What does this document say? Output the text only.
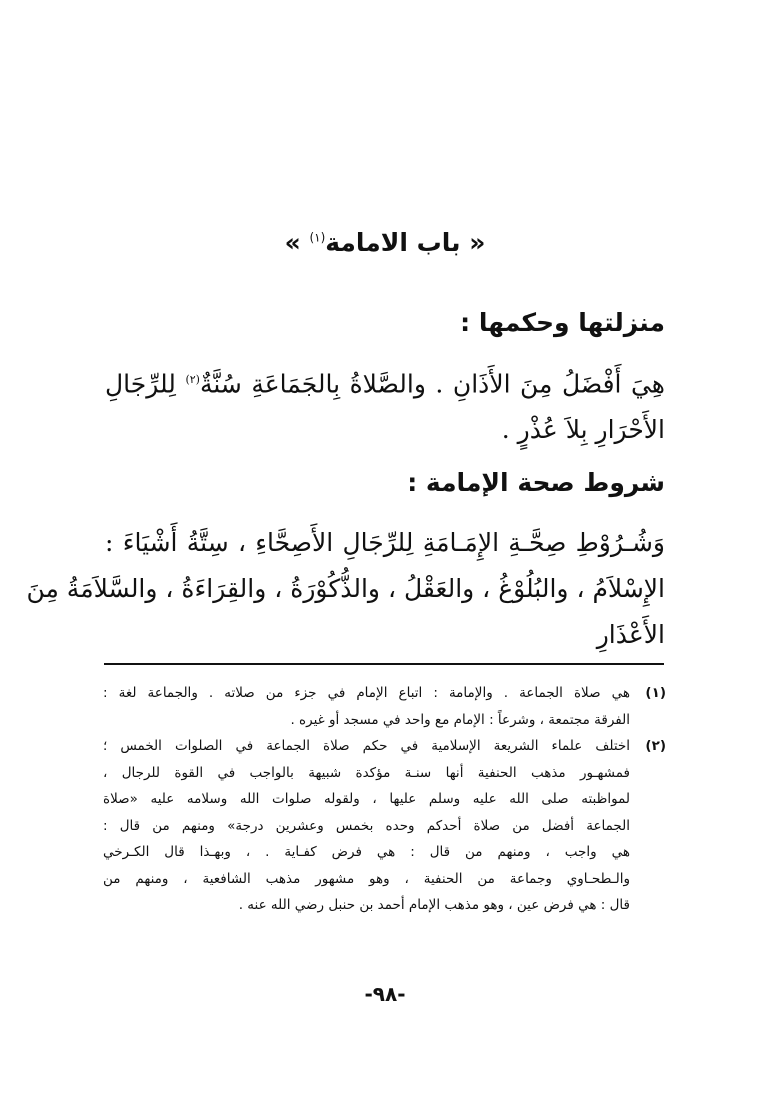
« باب الامامة$^{(١)}$ »
منزلتها وحكمها :
هِيَ أَفْضَلُ مِنَ الأَذَانِ . والصَّلاةُ بِالجَمَاعَةِ سُنَّةٌ$^{(٢)}$ لِلرِّجَالِ
الأَحْرَارِ بِلاَ عُذْرٍ .
شروط صحة الإمامة :
وَشُـرُوْطِ صِحَّـةِ الإِمَـامَةِ لِلرِّجَالِ الأَصِحَّاءِ ، سِتَّةُ أَشْيَاءَ :
الإِسْلاَمُ ، والبُلُوْغُ ، والعَقْلُ ، والذُّكُوْرَةُ ، والقِرَاءَةُ ، والسَّلاَمَةُ مِنَ
الأَعْذَارِ
(١)
هي صلاة الجماعة . والإمامة : اتباع الإمام في جزء من صلاته . والجماعة لغة :
الفرقة مجتمعة ، وشرعاً : الإمام مع واحد في مسجد أو غيره .
(٢)
اختلف علماء الشريعة الإسلامية في حكم صلاة الجماعة في الصلوات الخمس ؛
فمشهـور مذهب الحنفية أنها سنـة مؤكدة شبيهة بالواجب في القوة للرجال ،
لمواظبته صلى الله عليه وسلم عليها ، ولقوله صلوات الله وسلامه عليه «صلاة
الجماعة أفضل من صلاة أحدكم وحده بخمس وعشرين درجة» ومنهم من قال :
هي واجب ، ومنهم من قال : هي فرض كفـاية . ، وبهـذا قال الكـرخي
والـطحـاوي وجماعة من الحنفية ، وهو مشهور مذهب الشافعية ، ومنهم من
قال : هي فرض عين ، وهو مذهب الإمام أحمد بن حنبل رضي الله عنه .
-٩٨-
